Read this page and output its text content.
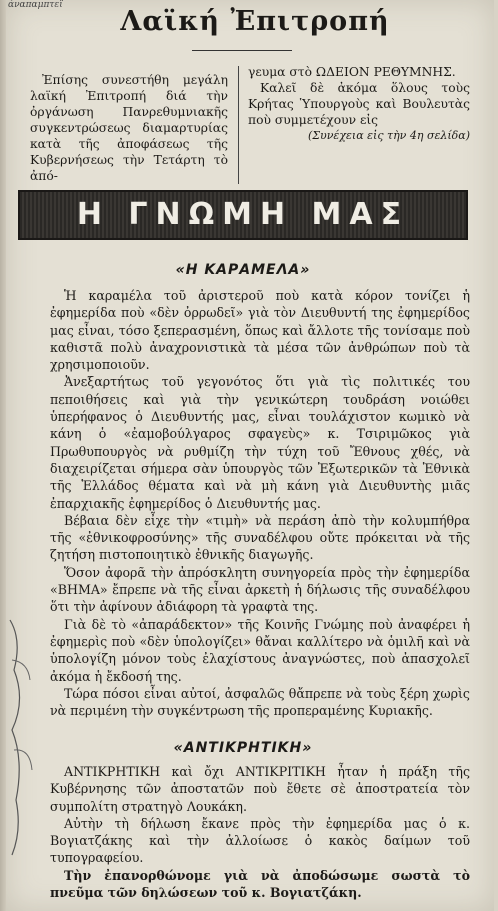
άναπαμπτεΐ
Λαϊκή Ἐπιτροπή

Ἐπίσης συνεστήθη μεγάλη λαϊκή Ἐπιτροπή διά τὴν ὀργάνωση Πανρεθυμνιακῆς συγκεντρώσεως διαμαρτυρίας κατὰ τῆς ἀποφάσεως τῆς Κυβερνήσεως τὴν Τετάρτη τὸ ἀπό-

γευμα στὸ ΩΔΕΙΟΝ ΡΕΘΥΜΝΗΣ.

Καλεῖ δὲ ἀκόμα ὅλους τοὺς Κρήτας Ὑπουργοὺς καὶ Βουλευτὰς ποὺ συμμετέχουν εἰς

(Συνέχεια εἰς τὴν 4η σελίδα)

Η ΓΝΩΜΗ ΜΑΣ
«Η ΚΑΡΑΜΕΛΑ»

Ἡ καραμέλα τοῦ ἀριστεροῦ ποὺ κατὰ κόρον τονίζει ἡ ἐφημερίδα ποὺ «δὲν ὀρρωδεῖ» γιὰ τὸν Διευθυντή της ἐφημερίδος μας εἶναι, τόσο ξεπερασμένη, ὅπως καὶ ἄλλοτε τῆς τονίσαμε ποὺ καθιστᾶ πολὺ ἀναχρονιστικὰ τὰ μέσα τῶν ἀνθρώπων ποὺ τὰ χρησιμοποιοῦν.

Ἀνεξαρτήτως τοῦ γεγονότος ὅτι γιὰ τὶς πολιτικές του πεποιθήσεις καὶ γιὰ τὴν γενικώτερη τουδράση νοιώθει ὑπερήφανος ὁ Διευθυντής μας, εἶναι τουλάχιστον κωμικὸ νὰ κάνη ὁ «ἐαμοβούλγαρος σφαγεὺς» κ. Τσιριμῶκος γιὰ Πρωθυπουργὸς νὰ ρυθμίζη τὴν τύχη τοῦ Ἔθνους χθές, νὰ διαχειρίζεται σήμερα σὰν ὑπουργὸς τῶν Ἐξωτερικῶν τὰ Ἐθνικὰ τῆς Ἑλλάδος θέματα καὶ νὰ μὴ κάνη γιὰ Διευθυντὴς μιᾶς ἐπαρχιακῆς ἐφημερίδος ὁ Διευθυντής μας.

Βέβαια δὲν εἶχε τὴν «τιμὴ» νὰ περάση ἀπὸ τὴν κολυμπήθρα τῆς «ἐθνικοφροσύνης» τῆς συναδέλφου οὔτε πρόκειται νὰ τῆς ζητήση πιστοποιητικὸ ἐθνικῆς διαγωγῆς.

Ὅσον ἀφορᾶ τὴν ἀπρόσκλητη συνηγορεία πρὸς τὴν ἐφημερίδα «ΒΗΜΑ» ἔπρεπε νὰ τῆς εἶναι ἀρκετὴ ἡ δήλωσις τῆς συναδέλφου ὅτι τὴν ἀφίνουν ἀδιάφορη τὰ γραφτὰ της.

Γιὰ δὲ τὸ «ἀπαράδεκτον» τῆς Κοινῆς Γνώμης ποὺ ἀναφέρει ἡ ἐφημερὶς ποὺ «δὲν ὑπολογίζει» θἄναι καλλίτερο νὰ ὁμιλῆ καὶ νὰ ὑπολογίζη μόνον τοὺς ἐλαχίστους ἀναγνώστες, ποὺ ἀπασχολεῖ ἀκόμα ἡ ἔκδοσή της.

Τώρα πόσοι εἶναι αὐτοί, ἀσφαλῶς θἄπρεπε νὰ τοὺς ξέρη χωρὶς νὰ περιμένη τὴν συγκέντρωση τῆς προπεραμένης Κυριακῆς.

«ΑΝΤΙΚΡΗΤΙΚΗ»

ΑΝΤΙΚΡΗΤΙΚΗ καὶ ὄχι ΑΝΤΙΚΡΙΤΙΚΗ ἦταν ἡ πράξη τῆς Κυβέρνησης τῶν ἀποστατῶν ποὺ ἔθετε σὲ ἀποστρατεία τὸν συμπολίτη στρατηγὸ Λουκάκη.

Αὐτὴν τὴ δήλωση ἔκανε πρὸς τὴν ἐφημερίδα μας ὁ κ. Βογιατζάκης καὶ τὴν ἀλλοίωσε ὁ κακὸς δαίμων τοῦ τυπογραφείου.

Τὴν ἐπανορθώνομε γιὰ νὰ ἀποδώσωμε σωστὰ τὸ πνεῦμα τῶν δηλώσεων τοῦ κ. Βογιατζάκη.
